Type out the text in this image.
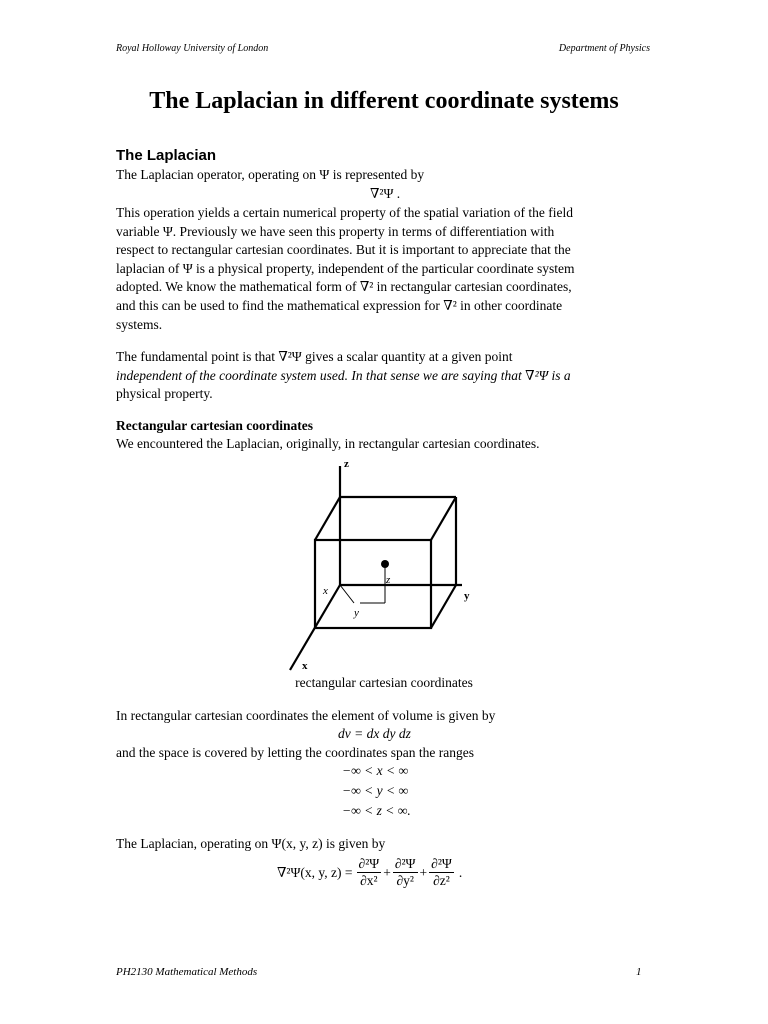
Royal Holloway University of London	Department of Physics
The Laplacian in different coordinate systems
The Laplacian
The Laplacian operator, operating on Ψ is represented by
∇²Ψ .
This operation yields a certain numerical property of the spatial variation of the field
variable Ψ. Previously we have seen this property in terms of differentiation with
respect to rectangular cartesian coordinates. But it is important to appreciate that the
laplacian of Ψ is a physical property, independent of the particular coordinate system
adopted. We know the mathematical form of ∇² in rectangular cartesian coordinates,
and this can be used to find the mathematical expression for ∇² in other coordinate
systems.
The fundamental point is that ∇²Ψ gives a scalar quantity at a given point
independent of the coordinate system used. In that sense we are saying that ∇²Ψ is a
physical property.
Rectangular cartesian coordinates
We encountered the Laplacian, originally, in rectangular cartesian coordinates.
z
y
x
x
y
z
rectangular cartesian coordinates
In rectangular cartesian coordinates the element of volume is given by
dv = dx dy dz
and the space is covered by letting the coordinates span the ranges
−∞ < x < ∞
−∞ < y < ∞
−∞ < z < ∞.
The Laplacian, operating on Ψ(x, y, z) is given by
∇²Ψ(x, y, $z) = \frac{\text{∂²Ψ}}{\text{∂x²}} + \frac{\text{∂²Ψ}}{\text{∂y²}} + \frac{\text{∂²Ψ}}{\text{∂z²}}$ .
PH2130 Mathematical Methods	1
